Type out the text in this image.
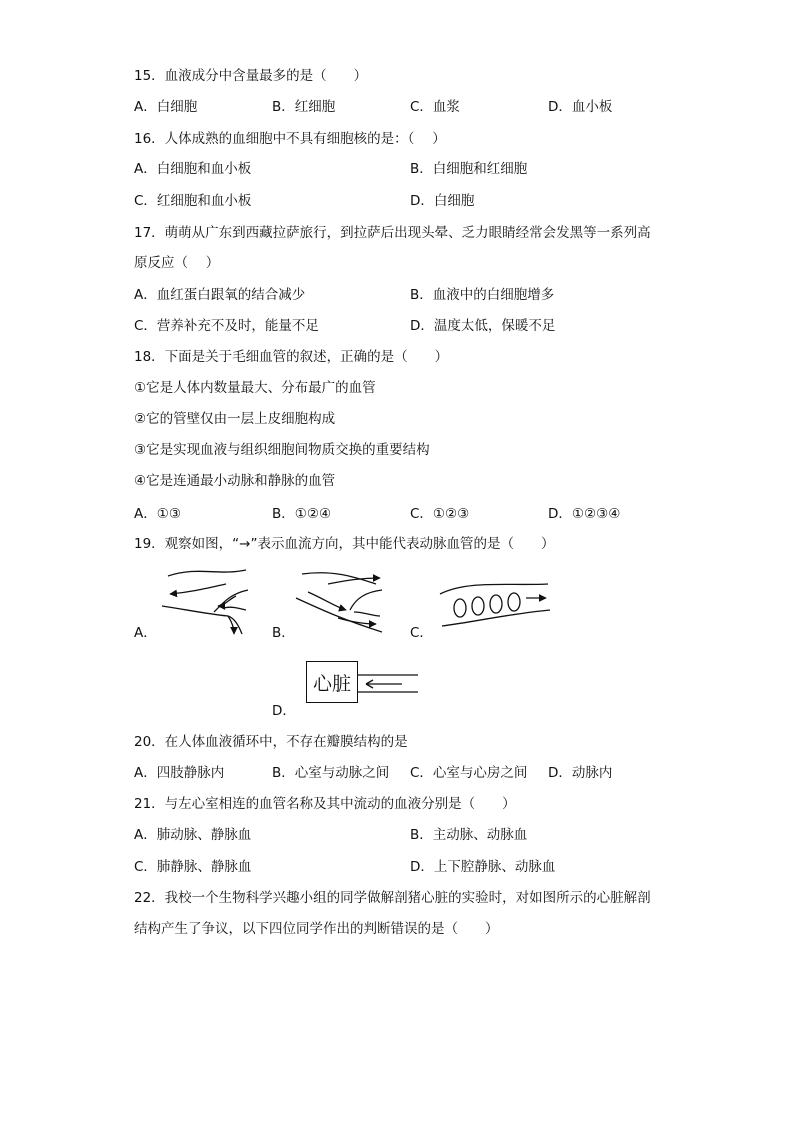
15．血液成分中含量最多的是（　　）
A．白细胞	B．红细胞	C．血浆	D．血小板
16．人体成熟的血细胞中不具有细胞核的是：（　 ）
A．白细胞和血小板	B．白细胞和红细胞
C．红细胞和血小板	D．白细胞
17．萌萌从广东到西藏拉萨旅行，到拉萨后出现头晕、乏力眼睛经常会发黑等一系列高
原反应（　 ）
A．血红蛋白跟氧的结合减少	B．血液中的白细胞增多
C．营养补充不及时，能量不足	D．温度太低，保暖不足
18．下面是关于毛细血管的叙述，正确的是（　　）
①它是人体内数量最大、分布最广的血管
②它的管壁仅由一层上皮细胞构成
③它是实现血液与组织细胞间物质交换的重要结构
④它是连通最小动脉和静脉的血管
A．①③	B．①②④	C．①②③	D．①②③④
19．观察如图，“→”表示血流方向，其中能代表动脉血管的是（　　）
A．	B．	C．
心脏
D．
20．在人体血液循环中，不存在瓣膜结构的是
A．四肢静脉内	B．心室与动脉之间 C．心室与心房之间 D．动脉内
21．与左心室相连的血管名称及其中流动的血液分别是（　　）
A．肺动脉、静脉血	B．主动脉、动脉血
C．肺静脉、静脉血	D．上下腔静脉、动脉血
22．我校一个生物科学兴趣小组的同学做解剖猪心脏的实验时，对如图所示的心脏解剖
结构产生了争议，以下四位同学作出的判断错误的是（　　）
